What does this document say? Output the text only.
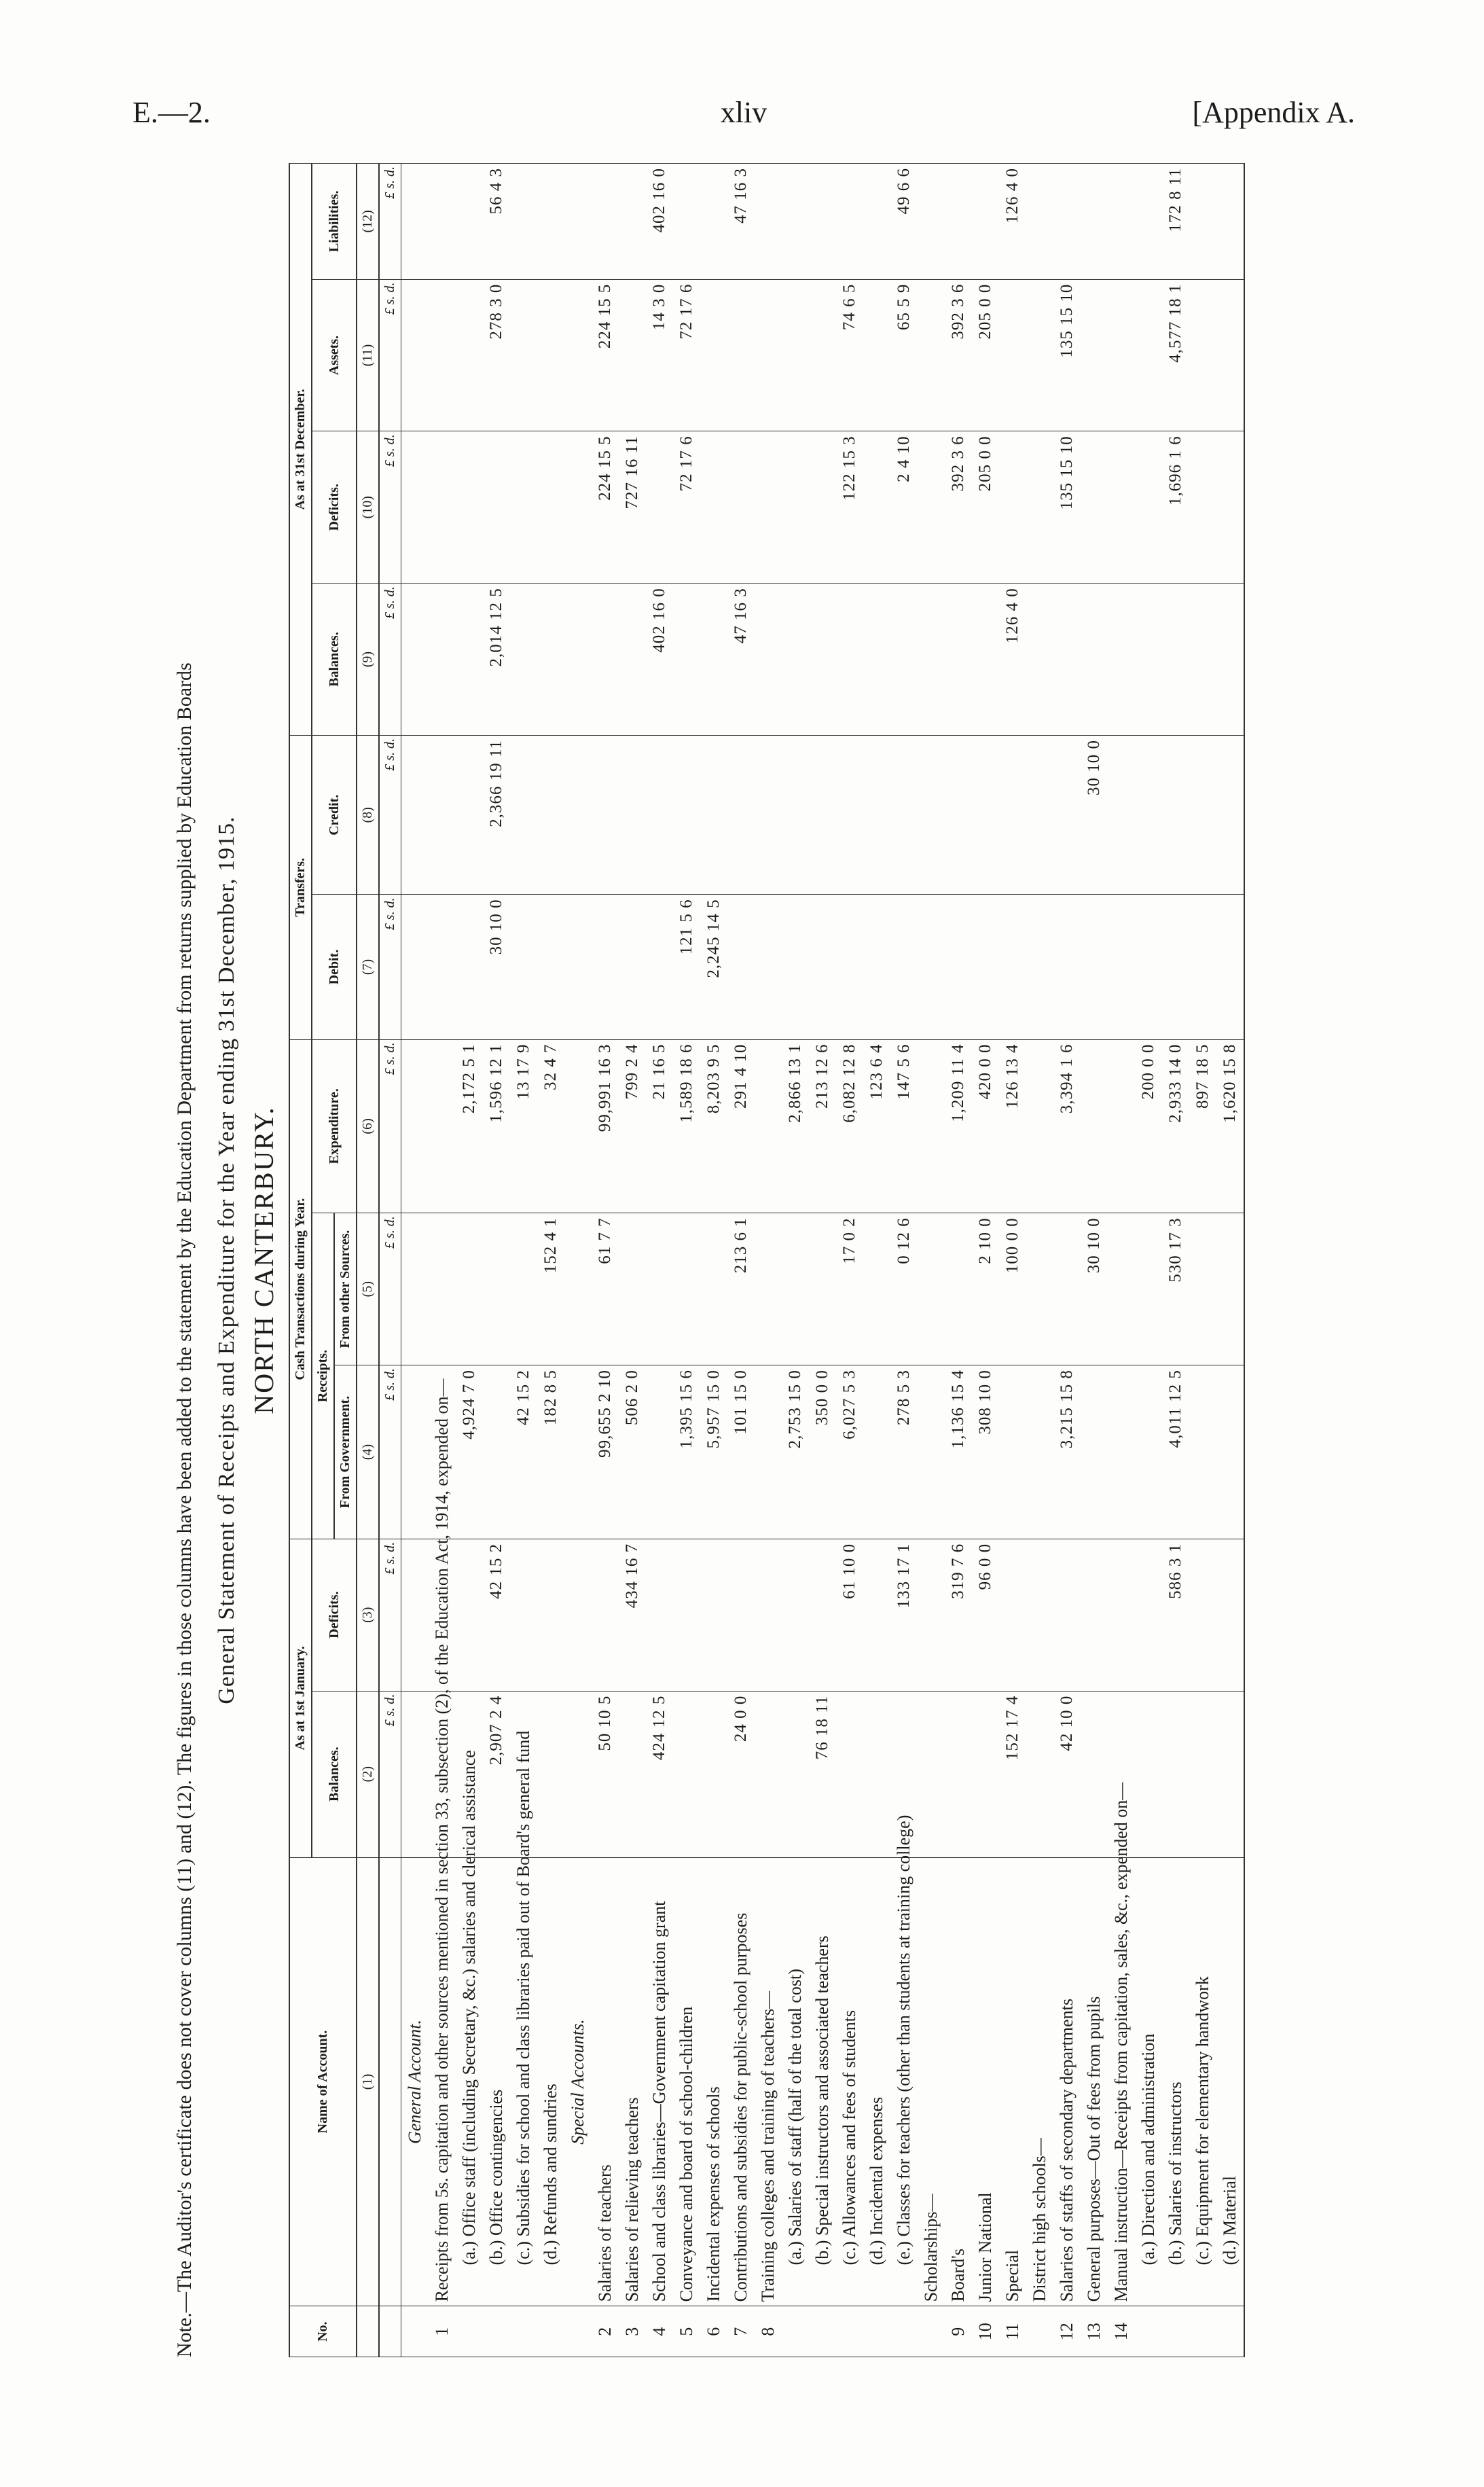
E.—2.	xliv	[Appendix A.
Note.—The Auditor's certificate does not cover columns (11) and (12). The figures in those columns have been added to the statement by the Education Department from returns supplied by Education Boards General Statement of Receipts and Expenditure for the Year ending 31st December, 1915. NORTH CANTERBURY.
No.	Name of Account.	As at 1st January.		Cash Transactions during Year.			Transfers.		As at 31st December.			
		Balances.	Deficits.	Receipts.		Expenditure.	Debit.	Credit.	Balances.	Deficits.	Assets.	Liabilities.
				From Government.	From other Sources.							
	(1)	(2)	(3)	(4)	(5)	(6)	(7)	(8)	(9)	(10)	(11)	(12)
		£ s. d.	£ s. d.	£ s. d.	£ s. d.	£ s. d.	£ s. d.	£ s. d.	£ s. d.	£ s. d.	£ s. d.	£ s. d.
	General Account.											
1	Receipts from 5s. capitation and other sources mentioned in section 33, subsection (2), of the Education Act, 1914, expended on—											
	(a.) Office staff (including Secretary, &c.) salaries and clerical assistance			4,924 7 0		2,172 5 1						
	(b.) Office contingencies	2,907 2 4	42 15 2			1,596 12 1	30 10 0	2,366 19 11	2,014 12 5		278 3 0	56 4 3
	(c.) Subsidies for school and class libraries paid out of Board's general fund			42 15 2		13 17 9						
	(d.) Refunds and sundries			182 8 5	152 4 1	32 4 7						
	Special Accounts.											
2	Salaries of teachers	50 10 5		99,655 2 10	61 7 7	99,991 16 3				224 15 5	224 15 5	
3	Salaries of relieving teachers		434 16 7	506 2 0		799 2 4				727 16 11		
4	School and class libraries—Government capitation grant	424 12 5				21 16 5			402 16 0		14 3 0	402 16 0
5	Conveyance and board of school-children			1,395 15 6		1,589 18 6	121 5 6			72 17 6	72 17 6	
6	Incidental expenses of schools			5,957 15 0		8,203 9 5	2,245 14 5					
7	Contributions and subsidies for public-school purposes	24 0 0		101 15 0	213 6 1	291 4 10			47 16 3			47 16 3
8	Training colleges and training of teachers—											
	(a.) Salaries of staff (half of the total cost)			2,753 15 0		2,866 13 1						
	(b.) Special instructors and associated teachers	76 18 11		350 0 0		213 12 6						
	(c.) Allowances and fees of students		61 10 0	6,027 5 3	17 0 2	6,082 12 8				122 15 3	74 6 5	
	(d.) Incidental expenses					123 6 4						
	(e.) Classes for teachers (other than students at training college)		133 17 1	278 5 3	0 12 6	147 5 6				2 4 10	65 5 9	49 6 6
	Scholarships—											
9	Board's		319 7 6	1,136 15 4		1,209 11 4				392 3 6	392 3 6	
10	Junior National		96 0 0	308 10 0	2 10 0	420 0 0				205 0 0	205 0 0	
11	Special	152 17 4			100 0 0	126 13 4			126 4 0			126 4 0
	District high schools—											
12	Salaries of staffs of secondary departments	42 10 0		3,215 15 8		3,394 1 6				135 15 10	135 15 10	
13	General purposes—Out of fees from pupils				30 10 0			30 10 0				
14	Manual instruction—Receipts from capitation, sales, &c., expended on—											
	(a.) Direction and administration					200 0 0						
	(b.) Salaries of instructors		586 3 1	4,011 12 5	530 17 3	2,933 14 0				1,696 1 6	4,577 18 1	172 8 11
	(c.) Equipment for elementary handwork					897 18 5						
	(d.) Material					1,620 15 8						
